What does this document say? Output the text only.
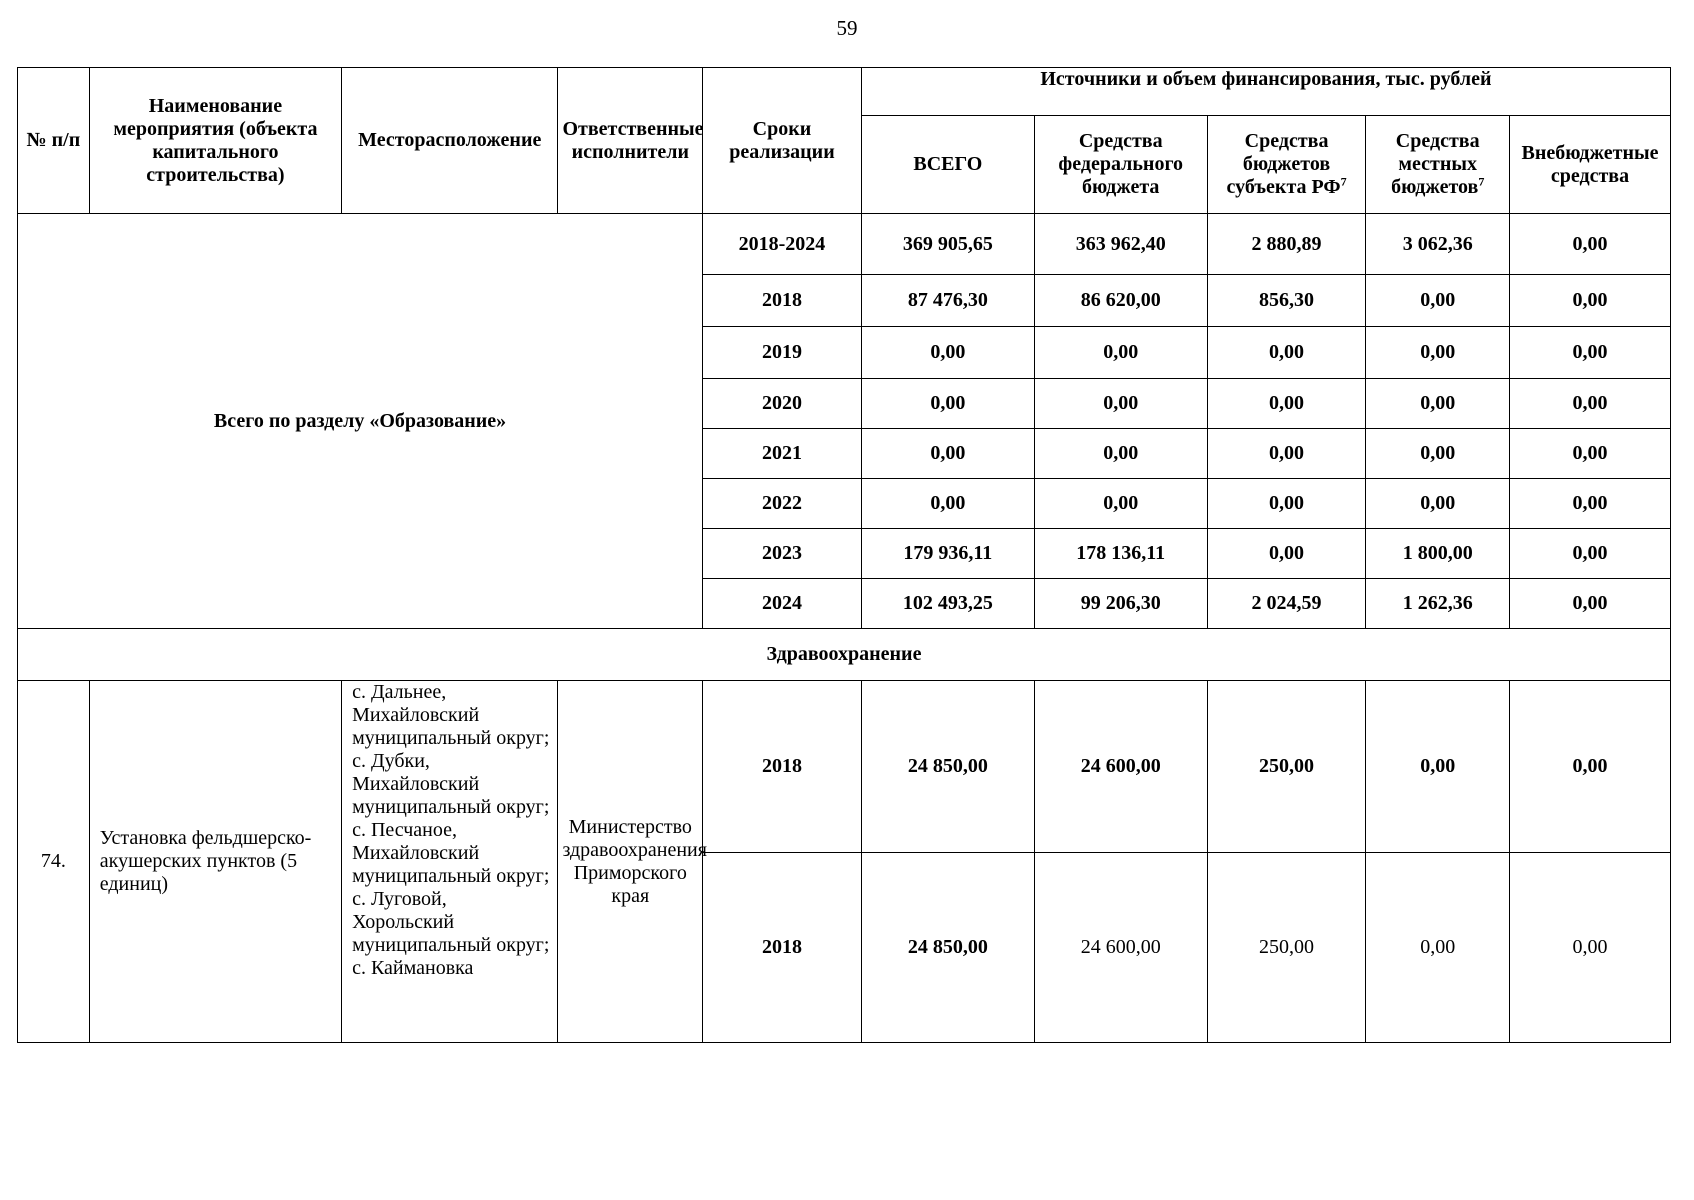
59
№ п/п	Наименование мероприятия (объекта капитального строительства)	Месторасположение	Ответственные исполнители	Сроки реализации	Источники и объем финансирования, тыс. рублей				
					ВСЕГО	Средства федерального бюджета	Средства бюджетов субъекта $РФ^7$	Средства местных бюджетов$^7$	Внебюджетные средства
Всего по разделу «Образование»				2018-2024	369 905,65	363 962,40	2 880,89	3 062,36	0,00
				2018	87 476,30	86 620,00	856,30	0,00	0,00
				2019	0,00	0,00	0,00	0,00	0,00
				2020	0,00	0,00	0,00	0,00	0,00
				2021	0,00	0,00	0,00	0,00	0,00
				2022	0,00	0,00	0,00	0,00	0,00
				2023	179 936,11	178 136,11	0,00	1 800,00	0,00
				2024	102 493,25	99 206,30	2 024,59	1 262,36	0,00
Здравоохранение									
74.	Установка фельдшерско-акушерских пунктов (5 единиц)	с. Дальнее, Михайловский муниципальный округ; с. Дубки, Михайловский муниципальный округ; с. Песчаное, Михайловский муниципальный округ; с. Луговой, Хорольский муниципальный округ; с. Каймановка	Министерство здравоохранения Приморского края	2018	24 850,00	24 600,00	250,00	0,00	0,00
				2018	24 850,00	24 600,00	250,00	0,00	0,00
